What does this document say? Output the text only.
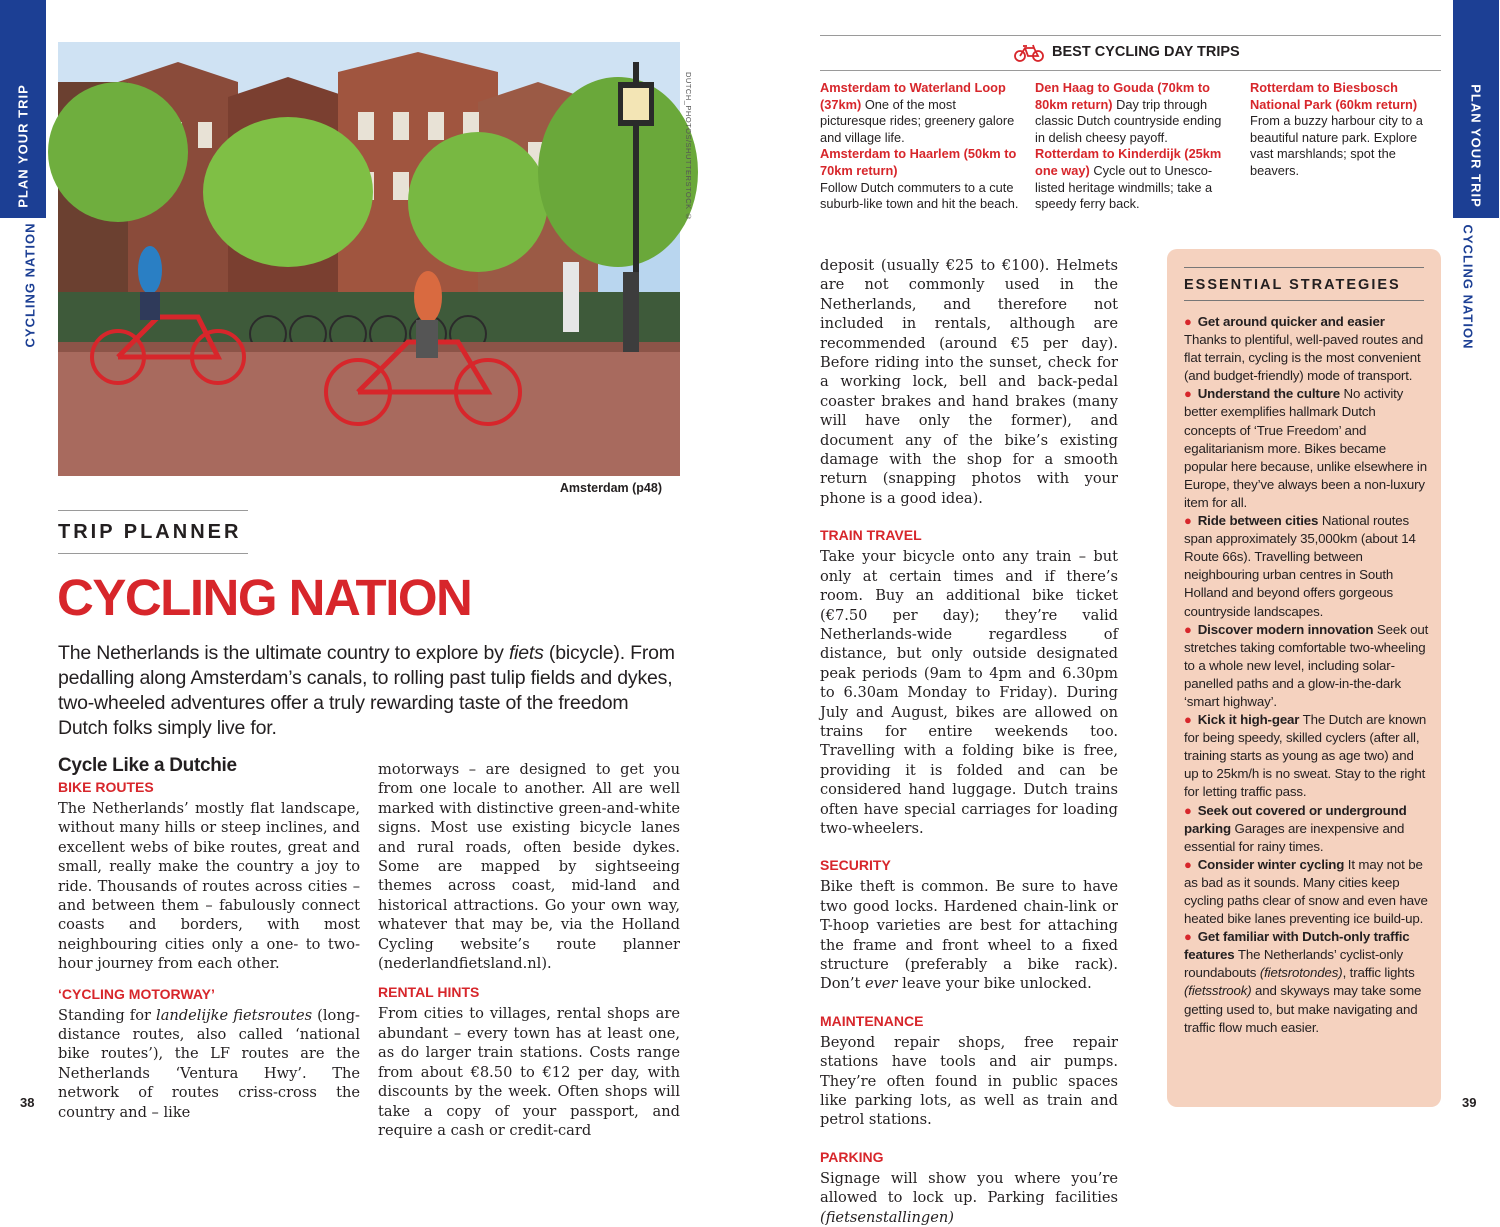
PLAN YOUR TRIP
CYCLING NATION
PLAN YOUR TRIP
CYCLING NATION
DUTCH_PHOTOS/SHUTTERSTOCK ©
Amsterdam (p48)
TRIP PLANNER
CYCLING NATION
The Netherlands is the ultimate country to explore by fiets (bicycle). From pedalling along Amsterdam’s canals, to rolling past tulip fields and dykes, two-wheeled adventures offer a truly rewarding taste of the freedom Dutch folks simply live for.
Cycle Like a Dutchie
BIKE ROUTES

The Netherlands’ mostly flat landscape, without many hills or steep inclines, and excellent webs of bike routes, great and small, really make the country a joy to ride. Thousands of routes across cities – and between them – fabulously connect coasts and borders, with most neighbouring cities only a one- to two-hour journey from each other.

‘CYCLING MOTORWAY’

Standing for landelijke fietsroutes (long-distance routes, also called ‘national bike routes’), the LF routes are the Netherlands ‘Ventura Hwy’. The network of routes criss-cross the country and – like

motorways – are designed to get you from one locale to another. All are well marked with distinctive green-and-white signs. Most use existing bicycle lanes and rural roads, often beside dykes. Some are mapped by sightseeing themes across coast, mid-land and historical attractions. Go your own way, whatever that may be, via the Holland Cycling website’s route planner (nederlandfietsland.nl).

RENTAL HINTS

From cities to villages, rental shops are abundant – every town has at least one, as do larger train stations. Costs range from about €8.50 to €12 per day, with discounts by the week. Often shops will take a copy of your passport, and require a cash or credit-card

38	39
BEST CYCLING DAY TRIPS
Amsterdam to Waterland Loop (37km) One of the most picturesque rides; greenery galore and village life.
Amsterdam to Haarlem (50km to 70km return)
Follow Dutch commuters to a cute suburb-like town and hit the beach.
Den Haag to Gouda (70km to 80km return) Day trip through classic Dutch countryside ending in delish cheesy payoff.
Rotterdam to Kinderdijk (25km one way) Cycle out to Unesco-listed heritage windmills; take a speedy ferry back.
Rotterdam to Biesbosch National Park (60km return)
From a buzzy harbour city to a beautiful nature park. Explore vast marshlands; spot the beavers.

deposit (usually €25 to €100). Helmets are not commonly used in the Netherlands, and therefore not included in rentals, although are recommended (around €5 per day). Before riding into the sunset, check for a working lock, bell and back-pedal coaster brakes and hand brakes (many will have only the former), and document any of the bike’s existing damage with the shop for a smooth return (snapping photos with your phone is a good idea).

TRAIN TRAVEL

Take your bicycle onto any train – but only at certain times and if there’s room. Buy an additional bike ticket (€7.50 per day); they’re valid Netherlands-wide regardless of distance, but only outside designated peak periods (9am to 4pm and 6.30pm to 6.30am Monday to Friday). During July and August, bikes are allowed on trains for entire weekends too. Travelling with a folding bike is free, providing it is folded and can be considered hand luggage. Dutch trains often have special carriages for loading two-wheelers.

SECURITY

Bike theft is common. Be sure to have two good locks. Hardened chain-link or T-hoop varieties are best for attaching the frame and front wheel to a fixed structure (preferably a bike rack). Don’t ever leave your bike unlocked.

MAINTENANCE

Beyond repair shops, free repair stations have tools and air pumps. They’re often found in public spaces like parking lots, as well as train and petrol stations.

PARKING

Signage will show you where you’re allowed to lock up. Parking facilities (fietsenstallingen)

ESSENTIAL STRATEGIES
● Get around quicker and easier Thanks to plentiful, well-paved routes and flat terrain, cycling is the most convenient (and budget-friendly) mode of transport.
● Understand the culture No activity better exemplifies hallmark Dutch concepts of ‘True Freedom’ and egalitarianism more. Bikes became popular here because, unlike elsewhere in Europe, they’ve always been a non-luxury item for all.
● Ride between cities National routes span approximately 35,000km (about 14 Route 66s). Travelling between neighbouring urban centres in South Holland and beyond offers gorgeous countryside landscapes.
● Discover modern innovation Seek out stretches taking comfortable two-wheeling to a whole new level, including solar-panelled paths and a glow-in-the-dark ‘smart highway’.
● Kick it high-gear The Dutch are known for being speedy, skilled cyclers (after all, training starts as young as age two) and up to 25km/h is no sweat. Stay to the right for letting traffic pass.
● Seek out covered or underground parking Garages are inexpensive and essential for rainy times.
● Consider winter cycling It may not be as bad as it sounds. Many cities keep cycling paths clear of snow and even have heated bike lanes preventing ice build-up.
● Get familiar with Dutch-only traffic features The Netherlands’ cyclist-only roundabouts (fietsrotondes), traffic lights (fietsstrook) and skyways may take some getting used to, but make navigating and traffic flow much easier.
